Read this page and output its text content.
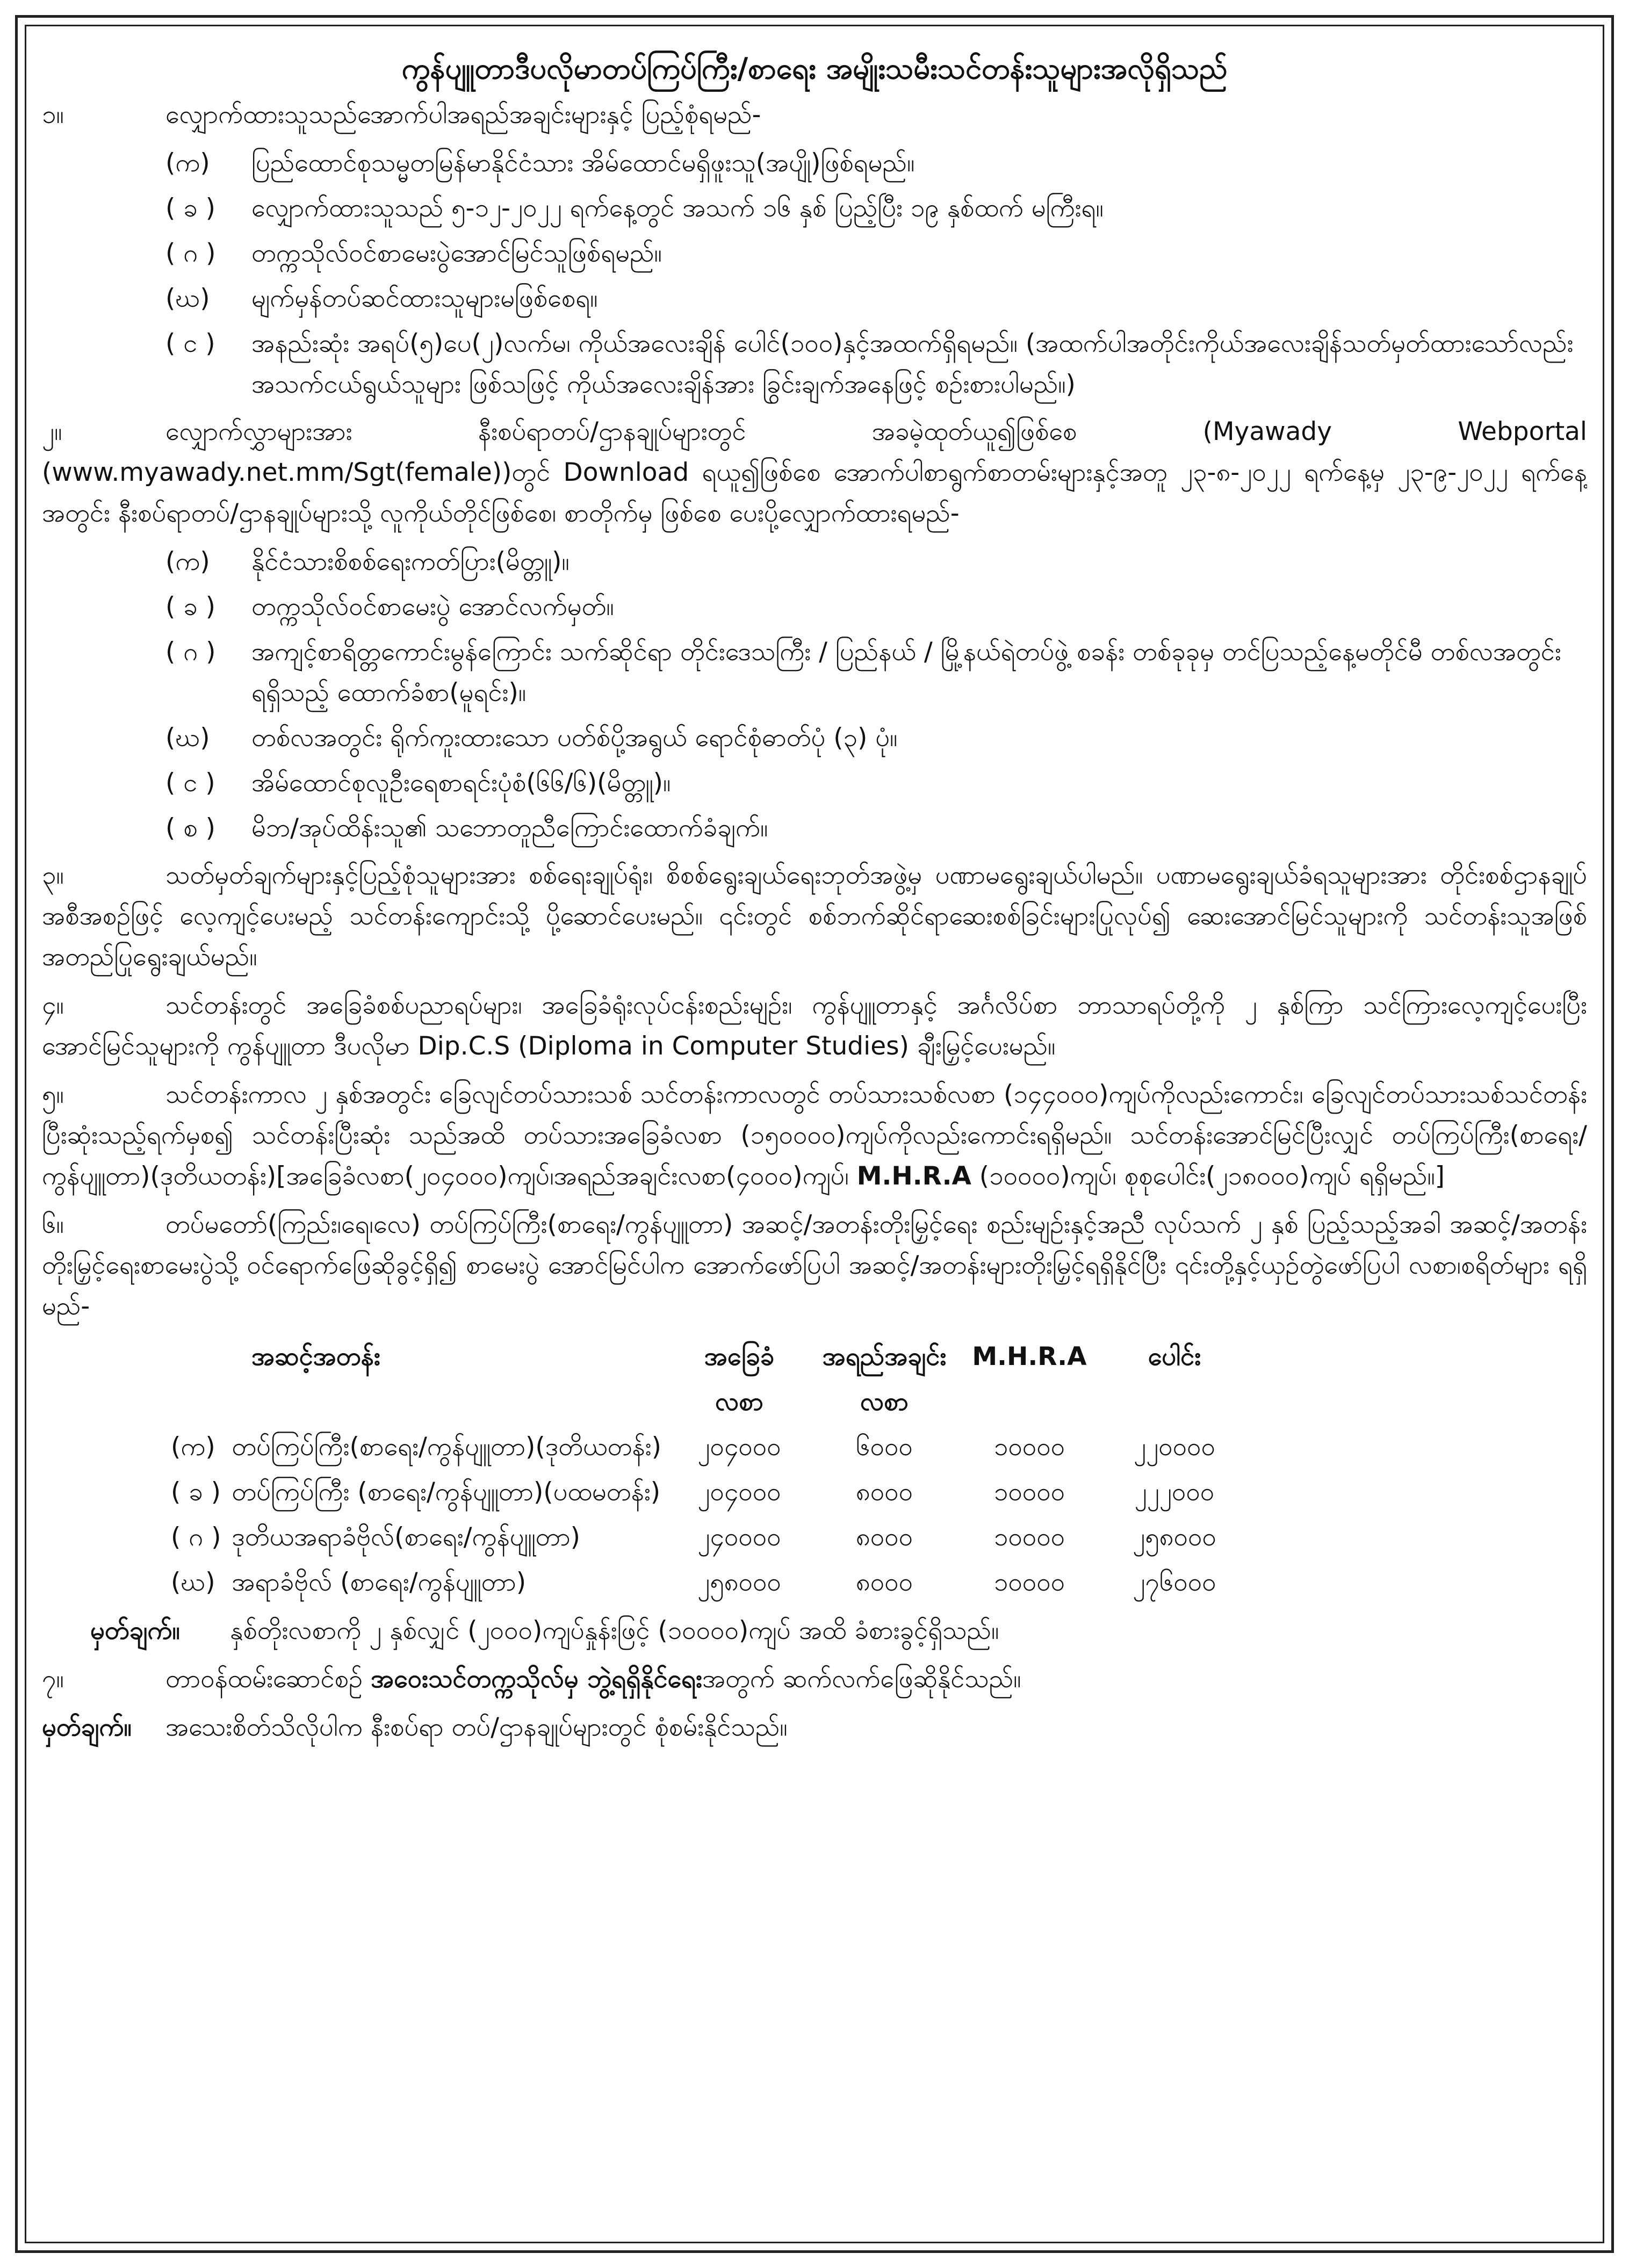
ကွန်ပျူတာဒီပလိုမာတပ်ကြပ်ကြီး/စာရေး အမျိုးသမီးသင်တန်းသူများအလိုရှိသည်
၁။	လျှောက်ထားသူသည်အောက်ပါအရည်အချင်းများနှင့် ပြည့်စုံရမည်-
(က)	ပြည်ထောင်စုသမ္မတမြန်မာနိုင်ငံသား အိမ်ထောင်မရှိဖူးသူ(အပျို)ဖြစ်ရမည်။
( ခ )	လျှောက်ထားသူသည် ၅-၁၂-၂၀၂၂ ရက်နေ့တွင် အသက် ၁၆ နှစ် ပြည့်ပြီး ၁၉ နှစ်ထက် မကြီးရ။
( ဂ )	တက္ကသိုလ်ဝင်စာမေးပွဲအောင်မြင်သူဖြစ်ရမည်။
(ဃ)	မျက်မှန်တပ်ဆင်ထားသူများမဖြစ်စေရ။
( င )	အနည်းဆုံး အရပ်(၅)ပေ(၂)လက်မ၊ ကိုယ်အလေးချိန် ပေါင်(၁၀၀)နှင့်အထက်ရှိရမည်။ (အထက်ပါအတိုင်းကိုယ်အလေးချိန်သတ်မှတ်ထားသော်လည်း အသက်ငယ်ရွယ်သူများ ဖြစ်သဖြင့် ကိုယ်အလေးချိန်အား ခြွင်းချက်အနေဖြင့် စဉ်းစားပါမည်။)
၂။	လျှောက်လွှာများအား နီးစပ်ရာတပ်/ဌာနချုပ်များတွင် အခမဲ့ထုတ်ယူ၍ဖြစ်စေ (Myawady Webportal (www.myawady.net.mm/Sgt(female))တွင် Download ရယူ၍ဖြစ်စေ အောက်ပါစာရွက်စာတမ်းများနှင့်အတူ ၂၃-၈-၂၀၂၂ ရက်နေ့မှ ၂၃-၉-၂၀၂၂ ရက်နေ့အတွင်း နီးစပ်ရာတပ်/ဌာနချုပ်များသို့ လူကိုယ်တိုင်ဖြစ်စေ၊ စာတိုက်မှ ဖြစ်စေ ပေးပို့လျှောက်ထားရမည်-
(က)	နိုင်ငံသားစိစစ်ရေးကတ်ပြား(မိတ္တူ)။
( ခ )	တက္ကသိုလ်ဝင်စာမေးပွဲ အောင်လက်မှတ်။
( ဂ )	အကျင့်စာရိတ္တကောင်းမွန်ကြောင်း သက်ဆိုင်ရာ တိုင်းဒေသကြီး / ပြည်နယ် / မြို့နယ်ရဲတပ်ဖွဲ့ စခန်း တစ်ခုခုမှ တင်ပြသည့်နေ့မတိုင်မီ တစ်လအတွင်းရရှိသည့် ထောက်ခံစာ(မူရင်း)။
(ဃ)	တစ်လအတွင်း ရိုက်ကူးထားသော ပတ်စ်ပို့အရွယ် ရောင်စုံဓာတ်ပုံ (၃) ပုံ။
( င )	အိမ်ထောင်စုလူဦးရေစာရင်းပုံစံ(၆၆/၆)(မိတ္တူ)။
( စ )	မိဘ/အုပ်ထိန်းသူ၏ သဘောတူညီကြောင်းထောက်ခံချက်။
၃။	သတ်မှတ်ချက်များနှင့်ပြည့်စုံသူများအား စစ်ရေးချုပ်ရုံး၊ စိစစ်ရွေးချယ်ရေးဘုတ်အဖွဲ့မှ ပဏာမရွေးချယ်ပါမည်။ ပဏာမရွေးချယ်ခံရသူများအား တိုင်းစစ်ဌာနချုပ်အစီအစဉ်ဖြင့် လေ့ကျင့်ပေးမည့် သင်တန်းကျောင်းသို့ ပို့ဆောင်ပေးမည်။ ၎င်းတွင် စစ်ဘက်ဆိုင်ရာဆေးစစ်ခြင်းများပြုလုပ်၍ ဆေးအောင်မြင်သူများကို သင်တန်းသူအဖြစ် အတည်ပြုရွေးချယ်မည်။
၄။	သင်တန်းတွင် အခြေခံစစ်ပညာရပ်များ၊ အခြေခံရုံးလုပ်ငန်းစည်းမျဉ်း၊ ကွန်ပျူတာနှင့် အင်္ဂလိပ်စာ ဘာသာရပ်တို့ကို ၂ နှစ်ကြာ သင်ကြားလေ့ကျင့်ပေးပြီး အောင်မြင်သူများကို ကွန်ပျူတာ ဒီပလိုမာ Dip.C.S (Diploma in Computer Studies) ချီးမြှင့်ပေးမည်။
၅။	သင်တန်းကာလ ၂ နှစ်အတွင်း ခြေလျင်တပ်သားသစ် သင်တန်းကာလတွင် တပ်သားသစ်လစာ (၁၄၄၀၀၀)ကျပ်ကိုလည်းကောင်း၊ ခြေလျင်တပ်သားသစ်သင်တန်းပြီးဆုံးသည့်ရက်မှစ၍ သင်တန်းပြီးဆုံး သည်အထိ တပ်သားအခြေခံလစာ (၁၅၀၀၀၀)ကျပ်ကိုလည်းကောင်းရရှိမည်။ သင်တန်းအောင်မြင်ပြီးလျှင် တပ်ကြပ်ကြီး(စာရေး/ကွန်ပျူတာ)(ဒုတိယတန်း)[အခြေခံလစာ(၂၀၄၀၀၀)ကျပ်၊အရည်အချင်းလစာ(၄၀၀၀)ကျပ်၊ M.H.R.A (၁၀၀၀၀)ကျပ်၊ စုစုပေါင်း(၂၁၈၀၀၀)ကျပ် ရရှိမည်။]
၆။	တပ်မတော်(ကြည်း၊ရေ၊လေ) တပ်ကြပ်ကြီး(စာရေး/ကွန်ပျူတာ) အဆင့်/အတန်းတိုးမြှင့်ရေး စည်းမျဉ်းနှင့်အညီ လုပ်သက် ၂ နှစ် ပြည့်သည့်အခါ အဆင့်/အတန်းတိုးမြှင့်ရေးစာမေးပွဲသို့ ဝင်ရောက်ဖြေဆိုခွင့်ရှိ၍ စာမေးပွဲ အောင်မြင်ပါက အောက်ဖော်ပြပါ အဆင့်/အတန်းများတိုးမြှင့်ရရှိနိုင်ပြီး ၎င်းတို့နှင့်ယှဉ်တွဲဖော်ပြပါ လစာ၊စရိတ်များ ရရှိမည်-
အဆင့်အတန်း		အခြေခံ	အရည်အချင်း	M.H.R.A	ပေါင်း
		လစာ	လစာ		
(က)	တပ်ကြပ်ကြီး(စာရေး/ကွန်ပျူတာ)(ဒုတိယတန်း)	၂၀၄၀၀၀	၆၀၀၀	၁၀၀၀၀	၂၂၀၀၀၀
( ခ )	တပ်ကြပ်ကြီး (စာရေး/ကွန်ပျူတာ)(ပထမတန်း)	၂၀၄၀၀၀	၈၀၀၀	၁၀၀၀၀	၂၂၂၀၀၀
( ဂ )	ဒုတိယအရာခံဗိုလ်(စာရေး/ကွန်ပျူတာ)	၂၄၀၀၀၀	၈၀၀၀	၁၀၀၀၀	၂၅၈၀၀၀
(ဃ)	အရာခံဗိုလ် (စာရေး/ကွန်ပျူတာ)	၂၅၈၀၀၀	၈၀၀၀	၁၀၀၀၀	၂၇၆၀၀၀
မှတ်ချက်။ နှစ်တိုးလစာကို ၂ နှစ်လျှင် (၂၀၀၀)ကျပ်နှုန်းဖြင့် (၁၀၀၀၀)ကျပ် အထိ ခံစားခွင့်ရှိသည်။
၇။	တာဝန်ထမ်းဆောင်စဉ် အဝေးသင်တက္ကသိုလ်မှ ဘွဲ့ရရှိနိုင်ရေးအတွက် ဆက်လက်ဖြေဆိုနိုင်သည်။
မှတ်ချက်။ အသေးစိတ်သိလိုပါက နီးစပ်ရာ တပ်/ဌာနချုပ်များတွင် စုံစမ်းနိုင်သည်။
